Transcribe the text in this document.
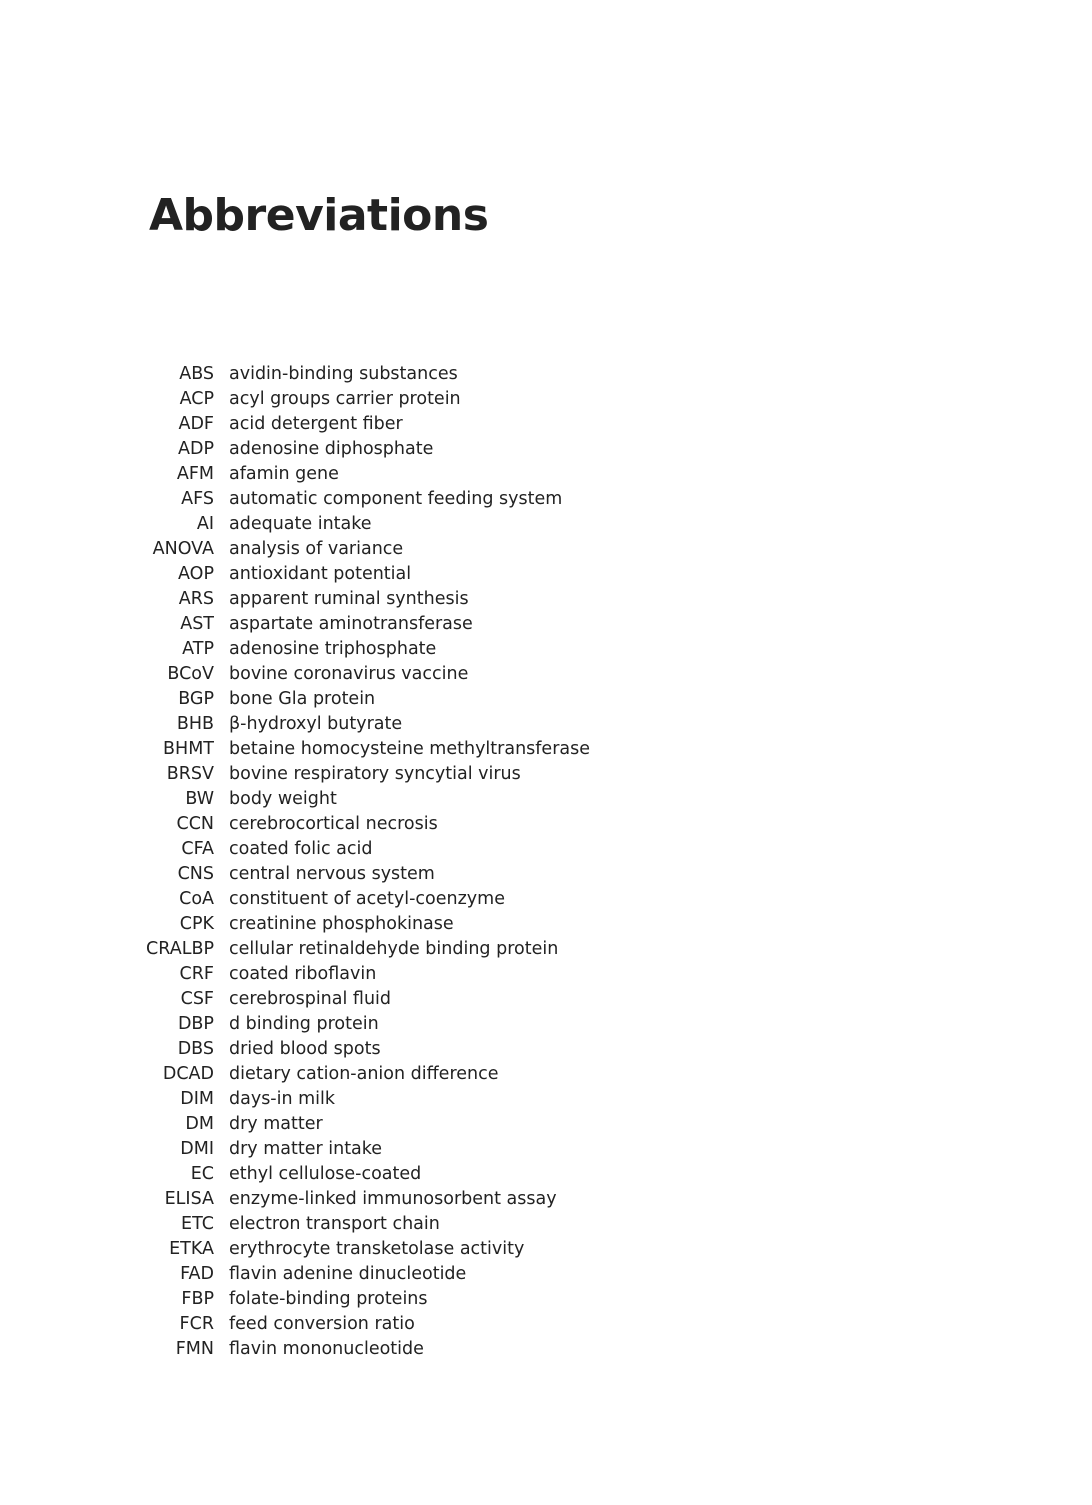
Abbreviations
ABS avidin-binding substances
ACP acyl groups carrier protein
ADF acid detergent fiber
ADP adenosine diphosphate
AFM afamin gene
AFS automatic component feeding system
AI adequate intake
ANOVA analysis of variance
AOP antioxidant potential
ARS apparent ruminal synthesis
AST aspartate aminotransferase
ATP adenosine triphosphate
BCoV bovine coronavirus vaccine
BGP bone Gla protein
BHB β-hydroxyl butyrate
BHMT betaine homocysteine methyltransferase
BRSV bovine respiratory syncytial virus
BW body weight
CCN cerebrocortical necrosis
CFA coated folic acid
CNS central nervous system
CoA constituent of acetyl-coenzyme
CPK creatinine phosphokinase
CRALBP cellular retinaldehyde binding protein
CRF coated riboflavin
CSF cerebrospinal fluid
DBP d binding protein
DBS dried blood spots
DCAD dietary cation-anion difference
DIM days-in milk
DM dry matter
DMI dry matter intake
EC ethyl cellulose-coated
ELISA enzyme-linked immunosorbent assay
ETC electron transport chain
ETKA erythrocyte transketolase activity
FAD flavin adenine dinucleotide
FBP folate-binding proteins
FCR feed conversion ratio
FMN flavin mononucleotide
